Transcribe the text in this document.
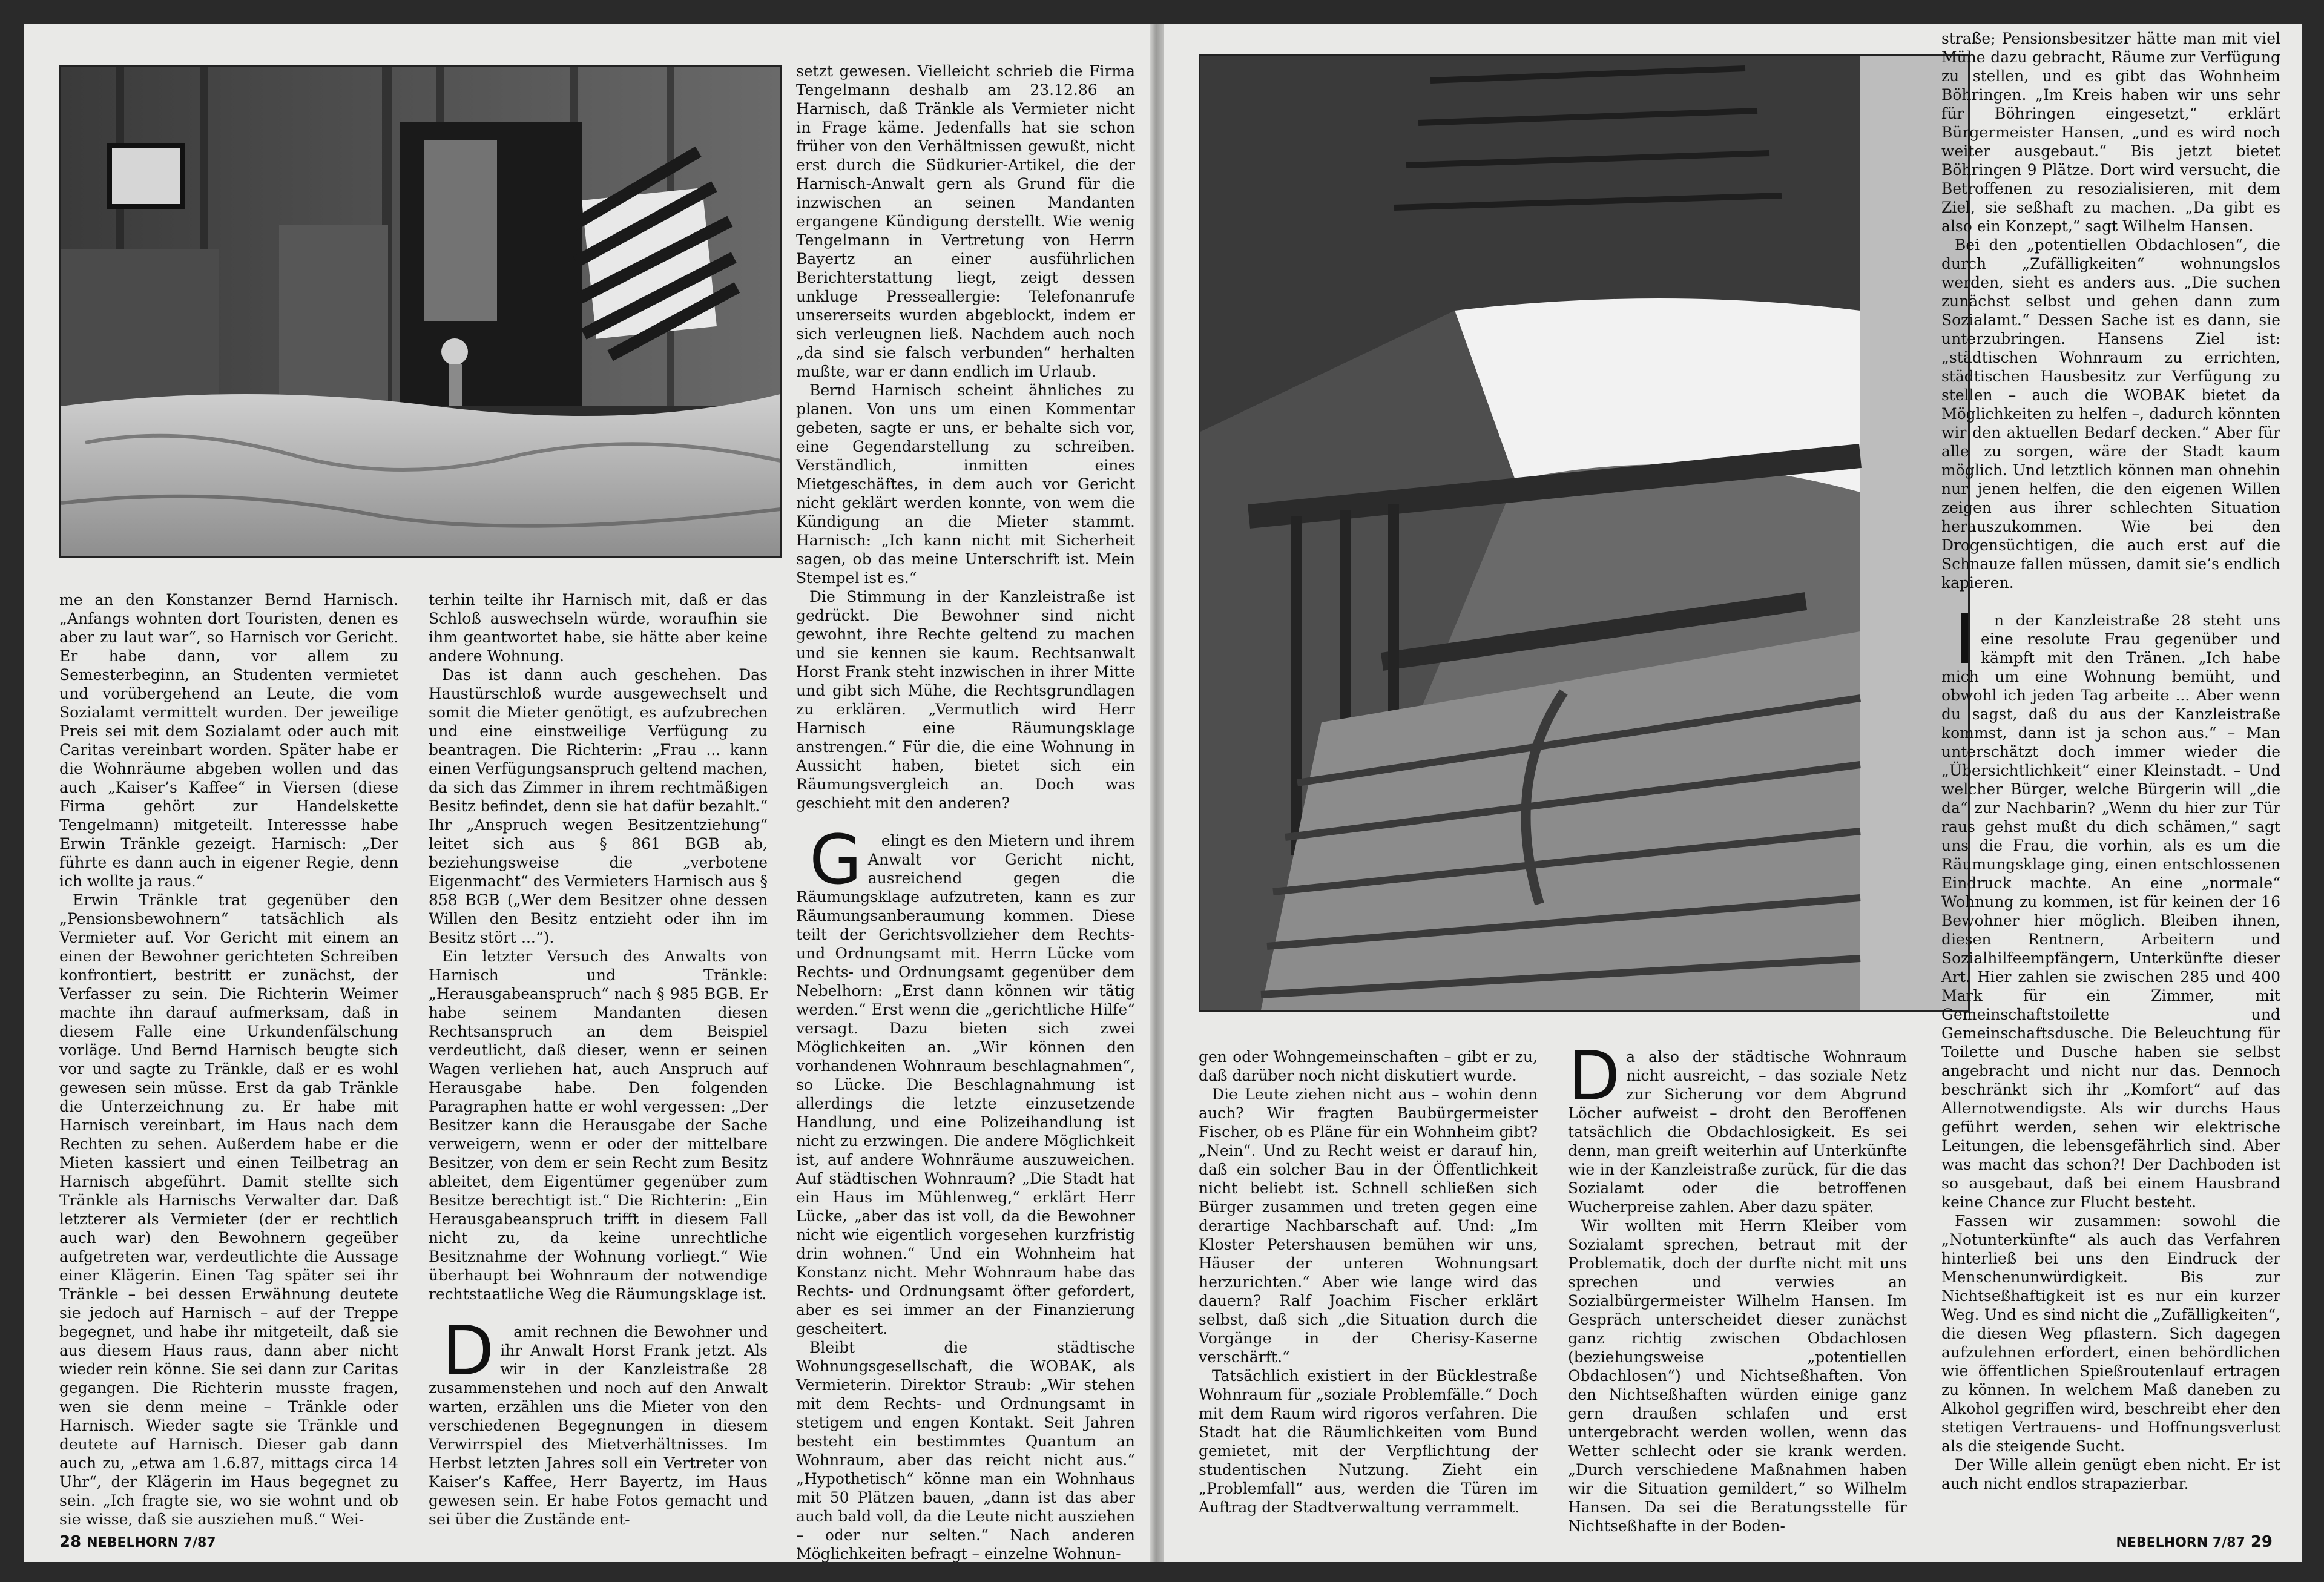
me an den Konstanzer Bernd Harnisch. „Anfangs wohnten dort Touristen, denen es aber zu laut war“, so Harnisch vor Gericht. Er habe dann, vor allem zu Semesterbeginn, an Studenten vermietet und vorübergehend an Leute, die vom Sozialamt vermittelt wurden. Der jeweilige Preis sei mit dem Sozialamt oder auch mit Caritas vereinbart worden. Später habe er die Wohnräume abgeben wollen und das auch „Kaiser’s Kaffee“ in Viersen (diese Firma gehört zur Handelskette Tengelmann) mitgeteilt. Interessse habe Erwin Tränkle gezeigt. Harnisch: „Der führte es dann auch in eigener Regie, denn ich wollte ja raus.“

Erwin Tränkle trat gegenüber den „Pensionsbewohnern“ tatsächlich als Vermieter auf. Vor Gericht mit einem an einen der Bewohner gerichteten Schreiben konfrontiert, bestritt er zunächst, der Verfasser zu sein. Die Richterin Weimer machte ihn darauf aufmerksam, daß in diesem Falle eine Urkundenfälschung vorläge. Und Bernd Harnisch beugte sich vor und sagte zu Tränkle, daß er es wohl gewesen sein müsse. Erst da gab Tränkle die Unterzeichnung zu. Er habe mit Harnisch vereinbart, im Haus nach dem Rechten zu sehen. Außerdem habe er die Mieten kassiert und einen Teilbetrag an Harnisch abgeführt. Damit stellte sich Tränkle als Harnischs Verwalter dar. Daß letzterer als Vermieter (der er rechtlich auch war) den Bewohnern gegeüber aufgetreten war, verdeutlichte die Aussage einer Klägerin. Einen Tag später sei ihr Tränkle – bei dessen Erwähnung deutete sie jedoch auf Harnisch – auf der Treppe begegnet, und habe ihr mitgeteilt, daß sie aus diesem Haus raus, dann aber nicht wieder rein könne. Sie sei dann zur Caritas gegangen. Die Richterin musste fragen, wen sie denn meine – Tränkle oder Harnisch. Wieder sagte sie Tränkle und deutete auf Harnisch. Dieser gab dann auch zu, „etwa am 1.6.87, mittags circa 14 Uhr“, der Klägerin im Haus begegnet zu sein. „Ich fragte sie, wo sie wohnt und ob sie wisse, daß sie ausziehen muß.“ Wei-

terhin teilte ihr Harnisch mit, daß er das Schloß auswechseln würde, woraufhin sie ihm geantwortet habe, sie hätte aber keine andere Wohnung.

Das ist dann auch geschehen. Das Haustürschloß wurde ausgewechselt und somit die Mieter genötigt, es aufzubrechen und eine einstweilige Verfügung zu beantragen. Die Richterin: „Frau ... kann einen Verfügungsanspruch geltend machen, da sich das Zimmer in ihrem rechtmäßigen Besitz befindet, denn sie hat dafür bezahlt.“ Ihr „Anspruch wegen Besitzentziehung“ leitet sich aus § 861 BGB ab, beziehungsweise die „verbotene Eigenmacht“ des Vermieters Harnisch aus § 858 BGB („Wer dem Besitzer ohne dessen Willen den Besitz entzieht oder ihn im Besitz stört ...“).

Ein letzter Versuch des Anwalts von Harnisch und Tränkle: „Herausgabeanspruch“ nach § 985 BGB. Er habe seinem Mandanten diesen Rechtsanspruch an dem Beispiel verdeutlicht, daß dieser, wenn er seinen Wagen verliehen hat, auch Anspruch auf Herausgabe habe. Den folgenden Paragraphen hatte er wohl vergessen: „Der Besitzer kann die Herausgabe der Sache verweigern, wenn er oder der mittelbare Besitzer, von dem er sein Recht zum Besitz ableitet, dem Eigentümer gegenüber zum Besitze berechtigt ist.“ Die Richterin: „Ein Herausgabeanspruch trifft in diesem Fall nicht zu, da keine unrechtliche Besitznahme der Wohnung vorliegt.“ Wie überhaupt bei Wohnraum der notwendige rechtstaatliche Weg die Räumungsklage ist.

D amit rechnen die Bewohner und ihr Anwalt Horst Frank jetzt. Als wir in der Kanzleistraße 28 zusammenstehen und noch auf den Anwalt warten, erzählen uns die Mieter von den verschiedenen Begegnungen in diesem Verwirrspiel des Mietverhältnisses. Im Herbst letzten Jahres soll ein Vertreter von Kaiser’s Kaffee, Herr Bayertz, im Haus gewesen sein. Er habe Fotos gemacht und sei über die Zustände ent-

setzt gewesen. Vielleicht schrieb die Firma Tengelmann deshalb am 23.12.86 an Harnisch, daß Tränkle als Vermieter nicht in Frage käme. Jedenfalls hat sie schon früher von den Verhältnissen gewußt, nicht erst durch die Südkurier-Artikel, die der Harnisch-Anwalt gern als Grund für die inzwischen an seinen Mandanten ergangene Kündigung derstellt. Wie wenig Tengelmann in Vertretung von Herrn Bayertz an einer ausführlichen Berichterstattung liegt, zeigt dessen unkluge Presseallergie: Telefonanrufe unsererseits wurden abgeblockt, indem er sich verleugnen ließ. Nachdem auch noch „da sind sie falsch verbunden“ herhalten mußte, war er dann endlich im Urlaub.

Bernd Harnisch scheint ähnliches zu planen. Von uns um einen Kommentar gebeten, sagte er uns, er behalte sich vor, eine Gegendarstellung zu schreiben. Verständlich, inmitten eines Mietgeschäftes, in dem auch vor Gericht nicht geklärt werden konnte, von wem die Kündigung an die Mieter stammt. Harnisch: „Ich kann nicht mit Sicherheit sagen, ob das meine Unterschrift ist. Mein Stempel ist es.“

Die Stimmung in der Kanzleistraße ist gedrückt. Die Bewohner sind nicht gewohnt, ihre Rechte geltend zu machen und sie kennen sie kaum. Rechtsanwalt Horst Frank steht inzwischen in ihrer Mitte und gibt sich Mühe, die Rechtsgrundlagen zu erklären. „Vermutlich wird Herr Harnisch eine Räumungsklage anstrengen.“ Für die, die eine Wohnung in Aussicht haben, bietet sich ein Räumungsvergleich an. Doch was geschieht mit den anderen?

G elingt es den Mietern und ihrem Anwalt vor Gericht nicht, ausreichend gegen die Räumungsklage aufzutreten, kann es zur Räumungsanberaumung kommen. Diese teilt der Gerichtsvollzieher dem Rechts- und Ordnungsamt mit. Herrn Lücke vom Rechts- und Ordnungsamt gegenüber dem Nebelhorn: „Erst dann können wir tätig werden.“ Erst wenn die „gerichtliche Hilfe“ versagt. Dazu bieten sich zwei Möglichkeiten an. „Wir können den vorhandenen Wohnraum beschlagnahmen“, so Lücke. Die Beschlagnahmung ist allerdings die letzte einzusetzende Handlung, und eine Polizeihandlung ist nicht zu erzwingen. Die andere Möglichkeit ist, auf andere Wohnräume auszuweichen. Auf städtischen Wohnraum? „Die Stadt hat ein Haus im Mühlenweg,“ erklärt Herr Lücke, „aber das ist voll, da die Bewohner nicht wie eigentlich vorgesehen kurzfristig drin wohnen.“ Und ein Wohnheim hat Konstanz nicht. Mehr Wohnraum habe das Rechts- und Ordnungsamt öfter gefordert, aber es sei immer an der Finanzierung gescheitert.

Bleibt die städtische Wohnungsgesellschaft, die WOBAK, als Vermieterin. Direktor Straub: „Wir stehen mit dem Rechts- und Ordnungsamt in stetigem und engen Kontakt. Seit Jahren besteht ein bestimmtes Quantum an Wohnraum, aber das reicht nicht aus.“ „Hypothetisch“ könne man ein Wohnhaus mit 50 Plätzen bauen, „dann ist das aber auch bald voll, da die Leute nicht ausziehen – oder nur selten.“ Nach anderen Möglichkeiten befragt – einzelne Wohnun-

28 NEBELHORN 7/87

gen oder Wohngemeinschaften – gibt er zu, daß darüber noch nicht diskutiert wurde.

Die Leute ziehen nicht aus – wohin denn auch? Wir fragten Baubürgermeister Fischer, ob es Pläne für ein Wohnheim gibt? „Nein“. Und zu Recht weist er darauf hin, daß ein solcher Bau in der Öffentlichkeit nicht beliebt ist. Schnell schließen sich Bürger zusammen und treten gegen eine derartige Nachbarschaft auf. Und: „Im Kloster Petershausen bemühen wir uns, Häuser der unteren Wohnungsart herzurichten.“ Aber wie lange wird das dauern? Ralf Joachim Fischer erklärt selbst, daß sich „die Situation durch die Vorgänge in der Cherisy-Kaserne verschärft.“

Tatsächlich existiert in der Bücklestraße Wohnraum für „soziale Problemfälle.“ Doch mit dem Raum wird rigoros verfahren. Die Stadt hat die Räumlichkeiten vom Bund gemietet, mit der Verpflichtung der studentischen Nutzung. Zieht ein „Problemfall“ aus, werden die Türen im Auftrag der Stadtverwaltung verrammelt.

Da also der städtische Wohnraum nicht ausreicht, – das soziale Netz zur Sicherung vor dem Abgrund Löcher aufweist – droht den Beroffenen tatsächlich die Obdachlosigkeit. Es sei denn, man greift weiterhin auf Unterkünfte wie in der Kanzleistraße zurück, für die das Sozialamt oder die betroffenen Wucherpreise zahlen. Aber dazu später.

Wir wollten mit Herrn Kleiber vom Sozialamt sprechen, betraut mit der Problematik, doch der durfte nicht mit uns sprechen und verwies an Sozialbürgermeister Wilhelm Hansen. Im Gespräch unterscheidet dieser zunächst ganz richtig zwischen Obdachlosen (beziehungsweise „potentiellen Obdachlosen“) und Nichtseßhaften. Von den Nichtseßhaften würden einige ganz gern draußen schlafen und erst untergebracht werden wollen, wenn das Wetter schlecht oder sie krank werden. „Durch verschiedene Maßnahmen haben wir die Situation gemildert,“ so Wilhelm Hansen. Da sei die Beratungsstelle für Nichtseßhafte in der Boden-

straße; Pensionsbesitzer hätte man mit viel Mühe dazu gebracht, Räume zur Verfügung zu stellen, und es gibt das Wohnheim Böhringen. „Im Kreis haben wir uns sehr für Böhringen eingesetzt,“ erklärt Bürgermeister Hansen, „und es wird noch weiter ausgebaut.“ Bis jetzt bietet Böhringen 9 Plätze. Dort wird versucht, die Betroffenen zu resozialisieren, mit dem Ziel, sie seßhaft zu machen. „Da gibt es also ein Konzept,“ sagt Wilhelm Hansen.

Bei den „potentiellen Obdachlosen“, die durch „Zufälligkeiten“ wohnungslos werden, sieht es anders aus. „Die suchen zunächst selbst und gehen dann zum Sozialamt.“ Dessen Sache ist es dann, sie unterzubringen. Hansens Ziel ist: „städtischen Wohnraum zu errichten, städtischen Hausbesitz zur Verfügung zu stellen – auch die WOBAK bietet da Möglichkeiten zu helfen –, dadurch könnten wir den aktuellen Bedarf decken.“ Aber für alle zu sorgen, wäre der Stadt kaum möglich. Und letztlich können man ohnehin nur jenen helfen, die den eigenen Willen zeigen aus ihrer schlechten Situation herauszukommen. Wie bei den Drogensüchtigen, die auch erst auf die Schnauze fallen müssen, damit sie’s endlich kapieren.

I n der Kanzleistraße 28 steht uns eine resolute Frau gegenüber und kämpft mit den Tränen. „Ich habe mich um eine Wohnung bemüht, und obwohl ich jeden Tag arbeite ... Aber wenn du sagst, daß du aus der Kanzleistraße kommst, dann ist ja schon aus.“ – Man unterschätzt doch immer wieder die „Übersichtlichkeit“ einer Kleinstadt. – Und welcher Bürger, welche Bürgerin will „die da“ zur Nachbarin? „Wenn du hier zur Tür raus gehst mußt du dich schämen,“ sagt uns die Frau, die vorhin, als es um die Räumungsklage ging, einen entschlossenen Eindruck machte. An eine „normale“ Wohnung zu kommen, ist für keinen der 16 Bewohner hier möglich. Bleiben ihnen, diesen Rentnern, Arbeitern und Sozialhilfeempfängern, Unterkünfte dieser Art. Hier zahlen sie zwischen 285 und 400 Mark für ein Zimmer, mit Gemeinschaftstoilette und Gemeinschaftsdusche. Die Beleuchtung für Toilette und Dusche haben sie selbst angebracht und nicht nur das. Dennoch beschränkt sich ihr „Komfort“ auf das Allernotwendigste. Als wir durchs Haus geführt werden, sehen wir elektrische Leitungen, die lebensgefährlich sind. Aber was macht das schon?! Der Dachboden ist so ausgebaut, daß bei einem Hausbrand keine Chance zur Flucht besteht.

Fassen wir zusammen: sowohl die „Notunterkünfte“ als auch das Verfahren hinterließ bei uns den Eindruck der Menschenunwürdigkeit. Bis zur Nichtseßhaftigkeit ist es nur ein kurzer Weg. Und es sind nicht die „Zufälligkeiten“, die diesen Weg pflastern. Sich dagegen aufzulehnen erfordert, einen behördlichen wie öffentlichen Spießroutenlauf ertragen zu können. In welchem Maß daneben zu Alkohol gegriffen wird, beschreibt eher den stetigen Vertrauens- und Hoffnungsverlust als die steigende Sucht.

Der Wille allein genügt eben nicht. Er ist auch nicht endlos strapazierbar.

NEBELHORN 7/87 29
